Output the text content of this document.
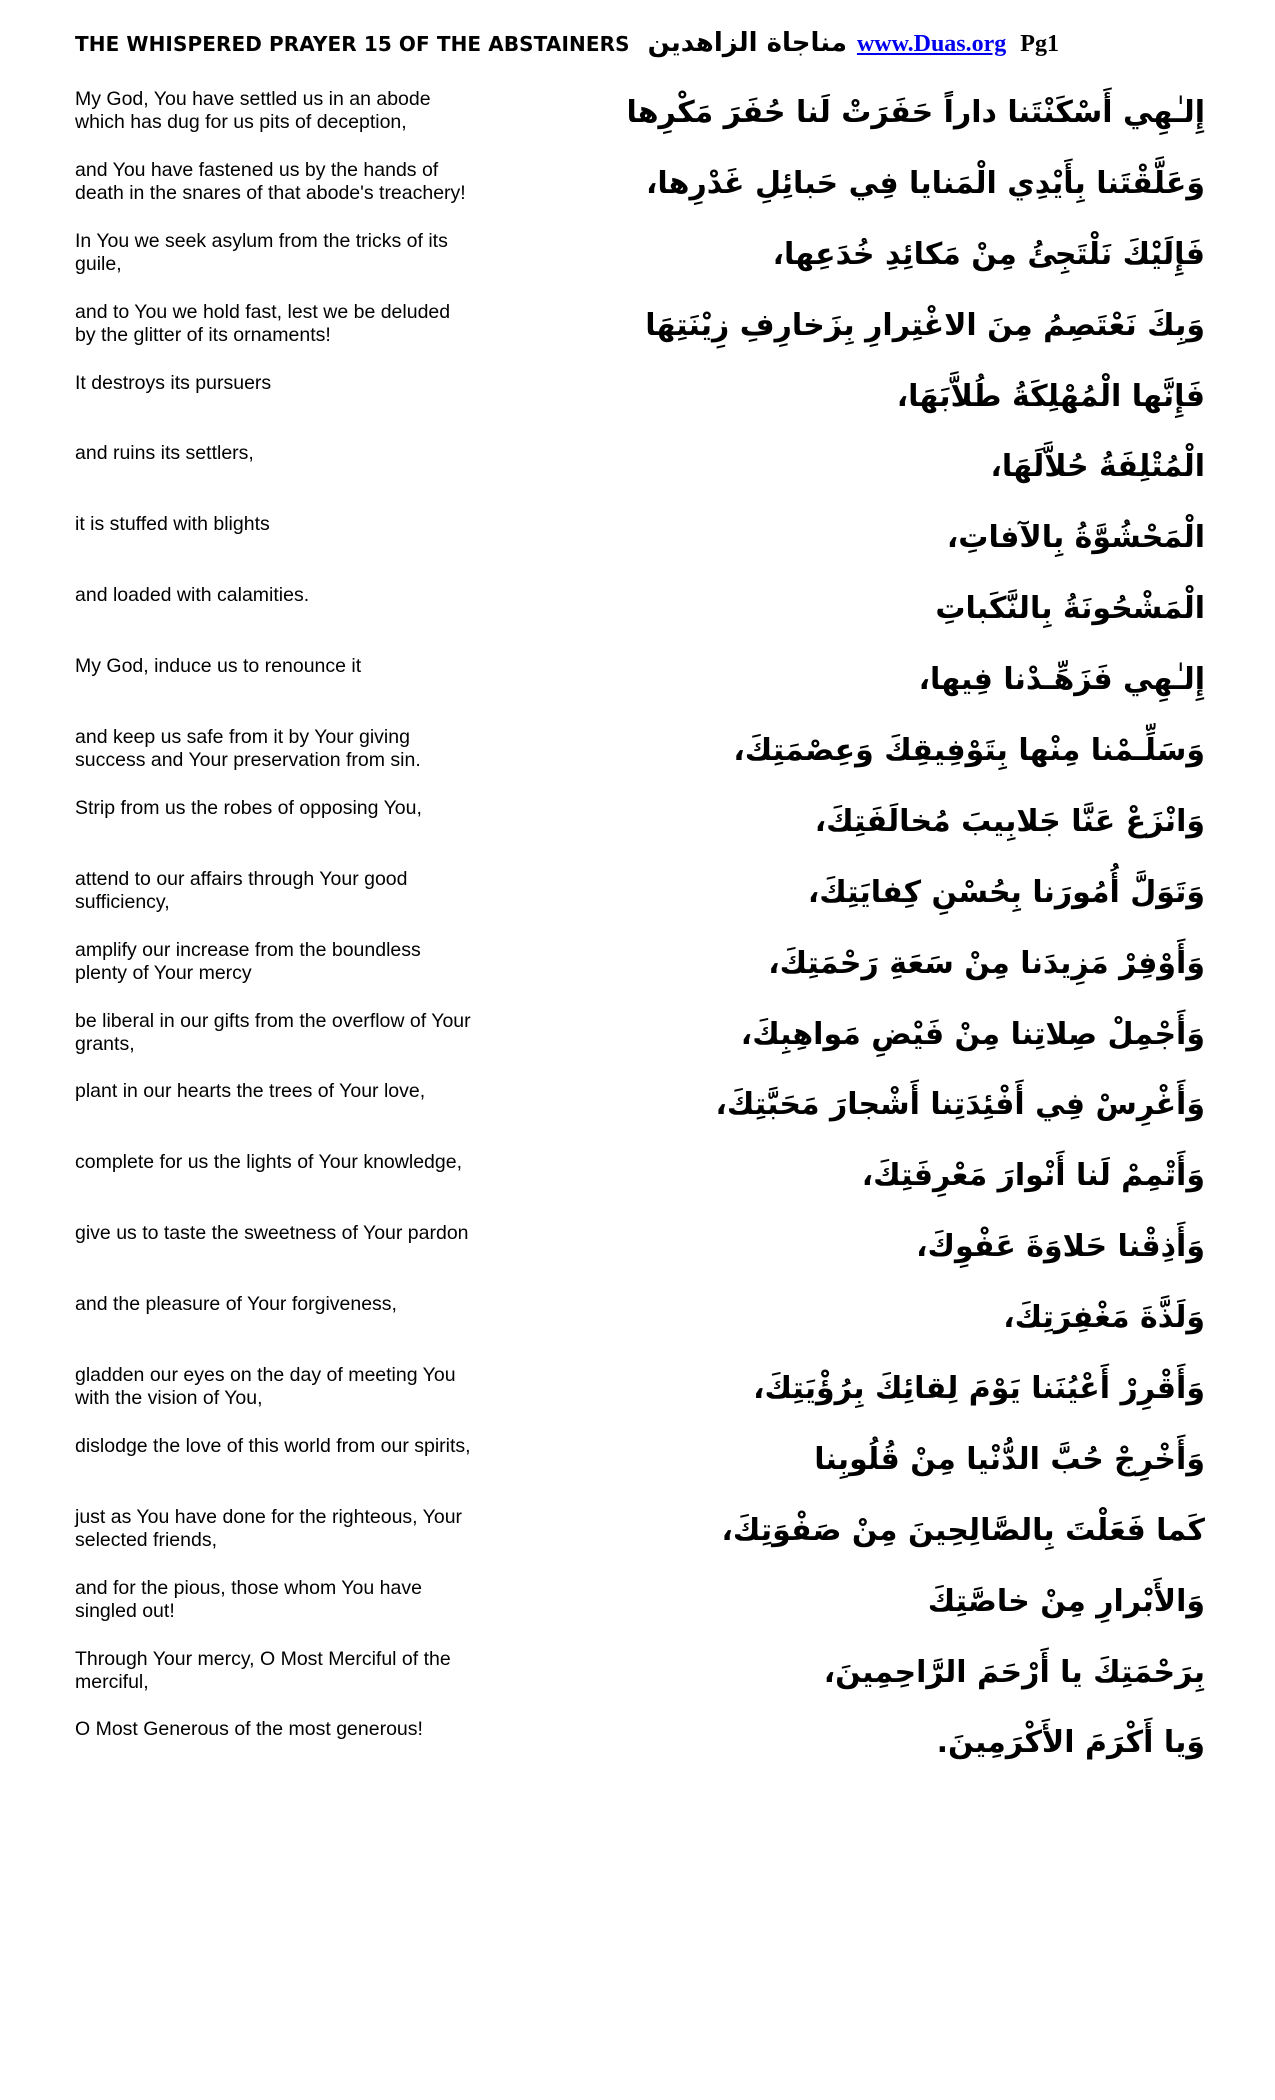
THE WHISPERED PRAYER 15 OF THE ABSTAINERS مناجاة الزاهدين www.Duas.org Pg1
My God, You have settled us in an abode which has dug for us pits of deception,	إِلـٰهِي أَسْكَنْتَنا داراً حَفَرَتْ لَنا حُفَرَ مَكْرِها
and You have fastened us by the hands of death in the snares of that abode's treachery!	وَعَلَّقْتَنا بِأَيْدِي الْمَنايا فِي حَبائِلِ غَدْرِها،
In You we seek asylum from the tricks of its guile,	فَإِلَيْكَ نَلْتَجِئُ مِنْ مَكائِدِ خُدَعِها،
and to You we hold fast, lest we be deluded by the glitter of its ornaments!	وَبِكَ نَعْتَصِمُ مِنَ الاغْتِرارِ بِزَخارِفِ زِيْنَتِهَا
It destroys its pursuers	فَإِنَّها الْمُهْلِكَةُ طُلاَّبَهَا،
and ruins its settlers,	الْمُتْلِفَةُ حُلاَّلَهَا،
it is stuffed with blights	الْمَحْشُوَّةُ بِالآفاتِ،
and loaded with calamities.	الْمَشْحُونَةُ بِالنَّكَباتِ
My God, induce us to renounce it	إِلـٰهِي فَزَهِّـدْنا فِيها،
and keep us safe from it by Your giving success and Your preservation from sin.	وَسَلِّـمْنا مِنْها بِتَوْفِيقِكَ وَعِصْمَتِكَ،
Strip from us the robes of opposing You,	وَانْزَعْ عَنَّا جَلابِيبَ مُخالَفَتِكَ،
attend to our affairs through Your good sufficiency,	وَتَوَلَّ أُمُورَنا بِحُسْنِ كِفايَتِكَ،
amplify our increase from the boundless plenty of Your mercy	وَأَوْفِرْ مَزِيدَنا مِنْ سَعَةِ رَحْمَتِكَ،
be liberal in our gifts from the overflow of Your grants,	وَأَجْمِلْ صِلاتِنا مِنْ فَيْضِ مَواهِبِكَ،
plant in our hearts the trees of Your love,	وَأَغْرِسْ فِي أَفْئِدَتِنا أَشْجارَ مَحَبَّتِكَ،
complete for us the lights of Your knowledge,	وَأَتْمِمْ لَنا أَنْوارَ مَعْرِفَتِكَ،
give us to taste the sweetness of Your pardon	وَأَذِقْنا حَلاوَةَ عَفْوِكَ،
and the pleasure of Your forgiveness,	وَلَذَّةَ مَغْفِرَتِكَ،
gladden our eyes on the day of meeting You with the vision of You,	وَأَقْرِرْ أَعْيُنَنا يَوْمَ لِقائِكَ بِرُؤْيَتِكَ،
dislodge the love of this world from our spirits,	وَأَخْرِجْ حُبَّ الدُّنْيا مِنْ قُلُوبِنا
just as You have done for the righteous, Your selected friends,	كَما فَعَلْتَ بِالصَّالِحِينَ مِنْ صَفْوَتِكَ،
and for the pious, those whom You have singled out!	وَالأَبْرارِ مِنْ خاصَّتِكَ
Through Your mercy, O Most Merciful of the merciful,	بِرَحْمَتِكَ يا أَرْحَمَ الرَّاحِمِينَ،
O Most Generous of the most generous!	وَيا أَكْرَمَ الأَكْرَمِينَ.
